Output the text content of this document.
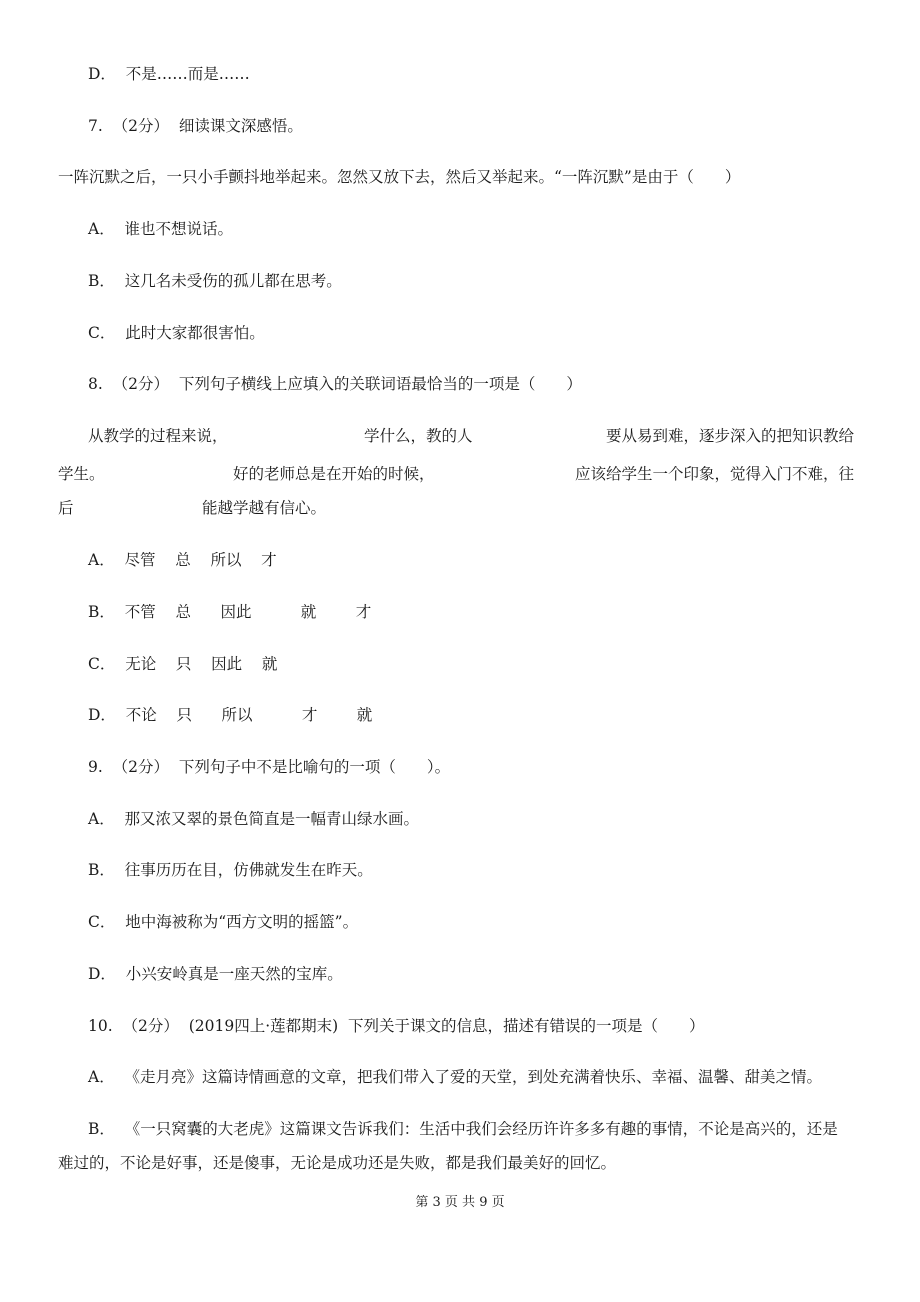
D．  不是……而是……
7.  （2分）  细读课文深感悟。
一阵沉默之后，一只小手颤抖地举起来。忽然又放下去，然后又举起来。“一阵沉默”是由于（　　）
A．  谁也不想说话。
B．  这几名未受伤的孤儿都在思考。
C．  此时大家都很害怕。
8.  （2分）  下列句子横线上应填入的关联词语最恰当的一项是（　　）
从教学的过程来说，	学什么，教的人	要从易到难，逐步深入的把知识教给
学生。	好的老师总是在开始的时候，	应该给学生一个印象，觉得入门不难，往
后	能越学越有信心。
A．  尽管    总    所以    才
B．  不管    总      因此          就        才
C．  无论    只    因此    就
D．  不论    只      所以          才        就
9.  （2分）  下列句子中不是比喻句的一项（　　）。
A．  那又浓又翠的景色简直是一幅青山绿水画。
B．  往事历历在目，仿佛就发生在昨天。
C．  地中海被称为“西方文明的摇篮”。
D．  小兴安岭真是一座天然的宝库。
10.  （2分）  (2019四上·莲都期末)  下列关于课文的信息，描述有错误的一项是（　　）
A．  《走月亮》这篇诗情画意的文章，把我们带入了爱的天堂，到处充满着快乐、幸福、温馨、甜美之情。
B．  《一只窝囊的大老虎》这篇课文告诉我们：生活中我们会经历许许多多有趣的事情，不论是高兴的，还是
难过的，不论是好事，还是傻事，无论是成功还是失败，都是我们最美好的回忆。
第 3 页 共 9 页
